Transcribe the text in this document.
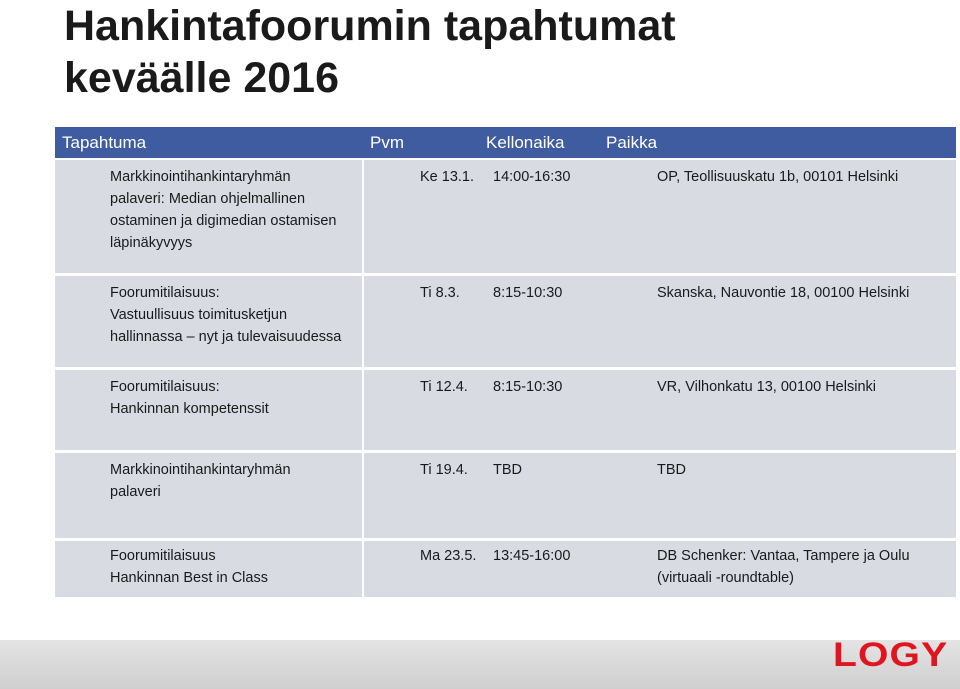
Hankintafoorumin tapahtumat
keväälle 2016
Tapahtuma	Pvm	Kellonaika Paikka
Markkinointihankintaryhmän
palaveri: Median ohjelmallinen
ostaminen ja digimedian ostamisen
läpinäkyvyys
Ke 13.1. 14:00-16:30	OP, Teollisuuskatu 1b, 00101 Helsinki
Foorumitilaisuus:
Vastuullisuus toimitusketjun
hallinnassa – nyt ja tulevaisuudessa
Ti 8.3. 8:15-10:30	Skanska, Nauvontie 18, 00100 Helsinki
Foorumitilaisuus:
Hankinnan kompetenssit
Ti 12.4. 8:15-10:30	VR, Vilhonkatu 13, 00100 Helsinki
Markkinointihankintaryhmän
palaveri
Ti 19.4. TBD	TBD
Foorumitilaisuus
Hankinnan Best in Class
Ma 23.5. 13:45-16:00	DB Schenker: Vantaa, Tampere ja Oulu
(virtuaali -roundtable)
LOGY
